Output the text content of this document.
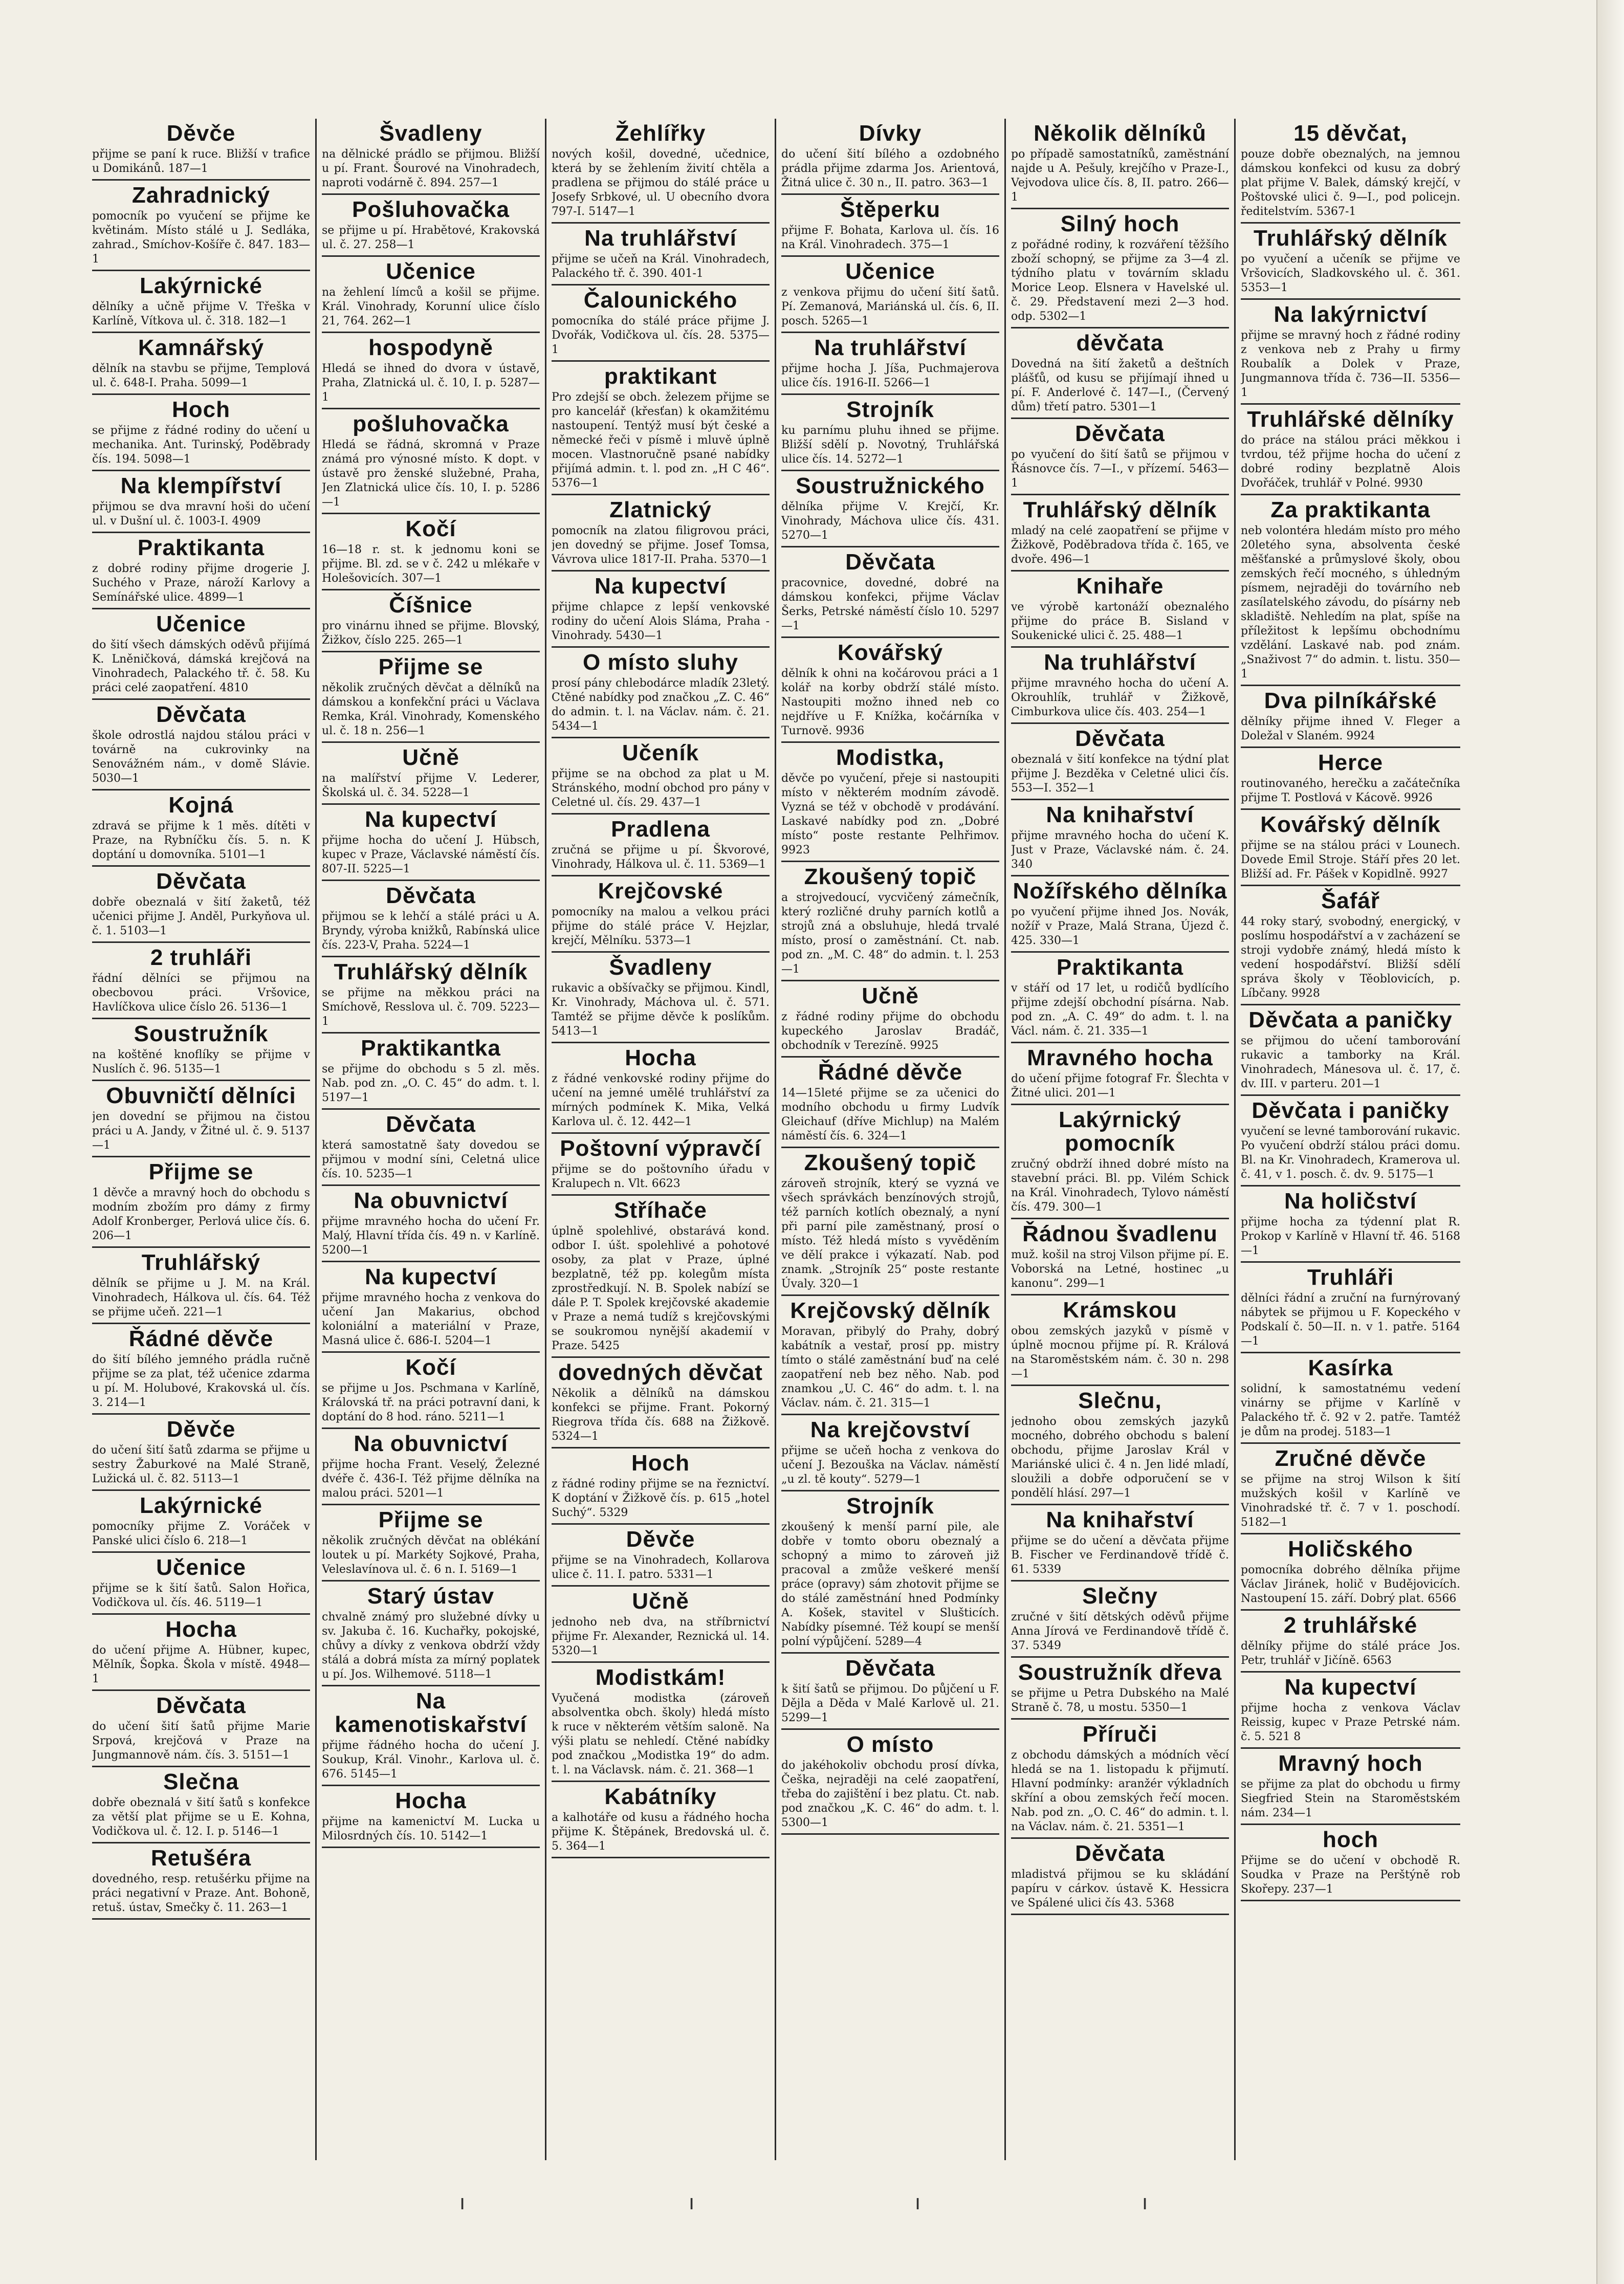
Děvče

přijme se paní k ruce. Bližší v trafice u Domikánů. 187—1

Zahradnický

pomocník po vyučení se přijme ke květinám. Místo stálé u J. Sedláka, zahrad., Smíchov-Košíře č. 847. 183—1

Lakýrnické

dělníky a učně přijme V. Třeška v Karlíně, Vítkova ul. č. 318. 182—1

Kamnářský

dělník na stavbu se přijme, Templová ul. č. 648-I. Praha. 5099—1

Hoch

se přijme z řádné rodiny do učení u mechanika. Ant. Turinský, Poděbrady čís. 194. 5098—1

Na klempířství

přijmou se dva mravní hoši do učení ul. v Dušní ul. č. 1003-I. 4909

Praktikanta

z dobré rodiny přijme drogerie J. Suchého v Praze, nároží Karlovy a Semínářské ulice. 4899—1

Učenice

do šití všech dámských oděvů přijímá K. Lněničková, dámská krejčová na Vinohradech, Palackého tř. č. 58. Ku práci celé zaopatření. 4810

Děvčata

škole odrostlá najdou stálou práci v továrně na cukrovinky na Senovážném nám., v domě Slávie. 5030—1

Kojná

zdravá se přijme k 1 měs. dítěti v Praze, na Rybníčku čís. 5. n. K doptání u domovníka. 5101—1

Děvčata

dobře obeznalá v šití žaketů, též učenici přijme J. Anděl, Purkyňova ul. č. 1. 5103—1

2 truhláři

řádní dělníci se přijmou na obecbovou práci. Vršovice, Havlíčkova ulice číslo 26. 5136—1

Soustružník

na koštěné knoflíky se přijme v Nuslích č. 96. 5135—1

Obuvničtí dělníci

jen dovední se přijmou na čistou práci u A. Jandy, v Žitné ul. č. 9. 5137—1

Přijme se

1 děvče a mravný hoch do obchodu s modním zbožím pro dámy z firmy Adolf Kronberger, Perlová ulice čís. 6. 206—1

Truhlářský

dělník se přijme u J. M. na Král. Vinohradech, Hálkova ul. čís. 64. Též se přijme učeň. 221—1

Řádné děvče

do šití bílého jemného prádla ručně přijme se za plat, též učenice zdarma u pí. M. Holubové, Krakovská ul. čís. 3. 214—1

Děvče

do učení šití šatů zdarma se přijme u sestry Žaburkové na Malé Straně, Lužická ul. č. 82. 5113—1

Lakýrnické

pomocníky přijme Z. Voráček v Panské ulici číslo 6. 218—1

Učenice

přijme se k šití šatů. Salon Hořica, Vodičkova ul. čís. 46. 5119—1

Hocha

do učení přijme A. Hübner, kupec, Mělník, Šopka. Škola v místě. 4948—1

Děvčata

do učení šití šatů přijme Marie Srpová, krejčová v Praze na Jungmannově nám. čís. 3. 5151—1

Slečna

dobře obeznalá v šití šatů s konfekce za větší plat přijme se u E. Kohna, Vodičkova ul. č. 12. I. p. 5146—1

Retušéra

dovedného, resp. retušérku přijme na práci negativní v Praze. Ant. Bohoně, retuš. ústav, Smečky č. 11. 263—1

Švadleny

na dělnické prádlo se přijmou. Bližší u pí. Frant. Šourové na Vinohradech, naproti vodárně č. 894. 257—1

Pošluhovačka

se přijme u pí. Hrabětové, Krakovská ul. č. 27. 258—1

Učenice

na žehlení límců a košil se přijme. Král. Vinohrady, Korunní ulice číslo 21, 764. 262—1

hospodyně

Hledá se ihned do dvora v ústavě, Praha, Zlatnická ul. č. 10, I. p. 5287—1

pošluhovačka

Hledá se řádná, skromná v Praze známá pro výnosné místo. K dopt. v ústavě pro ženské služebné, Praha, Jen Zlatnická ulice čís. 10, I. p. 5286—1

Kočí

16—18 r. st. k jednomu koni se přijme. Bl. zd. se v č. 242 u mlékaře v Holešovicích. 307—1

Číšnice

pro vinárnu ihned se přijme. Blovský, Žižkov, číslo 225. 265—1

Přijme se

několik zručných děvčat a dělníků na dámskou a konfekční práci u Václava Remka, Král. Vinohrady, Komenského ul. č. 18 n. 256—1

Učně

na malířství přijme V. Lederer, Školská ul. č. 34. 5228—1

Na kupectví

přijme hocha do učení J. Hübsch, kupec v Praze, Václavské náměstí čís. 807-II. 5225—1

Děvčata

přijmou se k lehčí a stálé práci u A. Bryndy, výroba knižků, Rabínská ulice čís. 223-V, Praha. 5224—1

Truhlářský dělník

se přijme na měkkou práci na Smíchově, Resslova ul. č. 709. 5223—1

Praktikantka

se přijme do obchodu s 5 zl. měs. Nab. pod zn. „O. C. 45“ do adm. t. l. 5197—1

Děvčata

která samostatně šaty dovedou se přijmou v modní síni, Celetná ulice čís. 10. 5235—1

Na obuvnictví

přijme mravného hocha do učení Fr. Malý, Hlavní třída čís. 49 n. v Karlíně. 5200—1

Na kupectví

přijme mravného hocha z venkova do učení Jan Makarius, obchod koloniální a materiální v Praze, Masná ulice č. 686-I. 5204—1

Kočí

se přijme u Jos. Pschmana v Karlíně, Královská tř. na práci potravní dani, k doptání do 8 hod. ráno. 5211—1

Na obuvnictví

přijme hocha Frant. Veselý, Železné dvéře č. 436-I. Též přijme dělníka na malou práci. 5201—1

Přijme se

několik zručných děvčat na oblékání loutek u pí. Markéty Sojkové, Praha, Veleslavínova ul. č. 6 n. I. 5169—1

Starý ústav

chvalně známý pro služebné dívky u sv. Jakuba č. 16. Kuchařky, pokojské, chůvy a dívky z venkova obdrží vždy stálá a dobrá místa za mírný poplatek u pí. Jos. Wilhemové. 5118—1

Na kamenotiskařství

přijme řádného hocha do učení J. Soukup, Král. Vinohr., Karlova ul. č. 676. 5145—1

Hocha

přijme na kamenictví M. Lucka u Milosrdných čís. 10. 5142—1

Žehlířky

nových košil, dovedné, učednice, která by se žehlením živití chtěla a pradlena se přijmou do stálé práce u Josefy Srbkové, ul. U obecního dvora 797-I. 5147—1

Na truhlářství

přijme se učeň na Král. Vinohradech, Palackého tř. č. 390. 401-1

Čalounického

pomocníka do stálé práce přijme J. Dvořák, Vodičkova ul. čís. 28. 5375—1

praktikant

Pro zdejší se obch. železem přijme se pro kancelář (křesťan) k okamžitému nastoupení. Tentýž musí být české a německé řeči v písmě i mluvě úplně mocen. Vlastnoručně psané nabídky přijímá admin. t. l. pod zn. „H C 46“. 5376—1

Zlatnický

pomocník na zlatou filigrovou práci, jen dovedný se přijme. Josef Tomsa, Vávrova ulice 1817-II. Praha. 5370—1

Na kupectví

přijme chlapce z lepší venkovské rodiny do učení Alois Sláma, Praha - Vinohrady. 5430—1

O místo sluhy

prosí pány chlebodárce mladík 23letý. Ctěné nabídky pod značkou „Z. C. 46“ do admin. t. l. na Václav. nám. č. 21. 5434—1

Učeník

přijme se na obchod za plat u M. Stránského, modní obchod pro pány v Celetné ul. čís. 29. 437—1

Pradlena

zručná se přijme u pí. Škvorové, Vinohrady, Hálkova ul. č. 11. 5369—1

Krejčovské

pomocníky na malou a velkou práci přijme do stálé práce V. Hejzlar, krejčí, Mělníku. 5373—1

Švadleny

rukavic a obšívačky se přijmou. Kindl, Kr. Vinohrady, Máchova ul. č. 571. Tamtéž se přijme děvče k poslíkům. 5413—1

Hocha

z řádné venkovské rodiny přijme do učení na jemné umělé truhlářství za mírných podmínek K. Mika, Velká Karlova ul. č. 12. 442—1

Poštovní výpravčí

přijme se do poštovního úřadu v Kralupech n. Vlt. 6623

Stříhače

úplně spolehlivé, obstarává kond. odbor I. úšt. spolehlivé a pohotové osoby, za plat v Praze, úplné bezplatně, též pp. kolegům místa zprostředkují. N. B. Spolek nabízí se dále P. T. Spolek krejčovské akademie v Praze a nemá tudíž s krejčovskými se soukromou nynější akademií v Praze. 5425

dovedných děvčat

Několik a dělníků na dámskou konfekci se přijme. Frant. Pokorný Riegrova třída čís. 688 na Žižkově. 5324—1

Hoch

z řádné rodiny přijme se na řeznictví. K doptání v Žižkově čís. p. 615 „hotel Suchý“. 5329

Děvče

přijme se na Vinohradech, Kollarova ulice č. 11. I. patro. 5331—1

Učně

jednoho neb dva, na stříbrnictví přijme Fr. Alexander, Reznická ul. 14. 5320—1

Modistkám!

Vyučená modistka (zároveň absolventka obch. školy) hledá místo k ruce v některém větším saloně. Na výši platu se nehledí. Ctěné nabídky pod značkou „Modistka 19“ do adm. t. l. na Václavsk. nám. č. 21. 368—1

Kabátníky

a kalhotáře od kusu a řádného hocha přijme K. Štěpánek, Bredovská ul. č. 5. 364—1

Dívky

do učení šití bílého a ozdobného prádla přijme zdarma Jos. Arientová, Žitná ulice č. 30 n., II. patro. 363—1

Štěperku

přijme F. Bohata, Karlova ul. čís. 16 na Král. Vinohradech. 375—1

Učenice

z venkova přijmu do učení šití šatů. Pí. Zemanová, Mariánská ul. čís. 6, II. posch. 5265—1

Na truhlářství

přijme hocha J. Jíša, Puchmajerova ulice čís. 1916-II. 5266—1

Strojník

ku parnímu pluhu ihned se přijme. Bližší sdělí p. Novotný, Truhlářská ulice čís. 14. 5272—1

Soustružnického

dělníka přijme V. Krejčí, Kr. Vinohrady, Máchova ulice čís. 431. 5270—1

Děvčata

pracovnice, dovedné, dobré na dámskou konfekci, přijme Václav Šerks, Petrské náměstí číslo 10. 5297—1

Kovářský

dělník k ohni na kočárovou práci a 1 kolář na korby obdrží stálé místo. Nastoupiti možno ihned neb co nejdříve u F. Knížka, kočárníka v Turnově. 9936

Modistka,

děvče po vyučení, přeje si nastoupiti místo v některém modním závodě. Vyzná se též v obchodě v prodávání. Laskavé nabídky pod zn. „Dobré místo“ poste restante Pelhřimov. 9923

Zkoušený topič

a strojvedoucí, vycvičený zámečník, který rozličné druhy parních kotlů a strojů zná a obsluhuje, hledá trvalé místo, prosí o zaměstnání. Ct. nab. pod zn. „M. C. 48“ do admin. t. l. 253—1

Učně

z řádné rodiny přijme do obchodu kupeckého Jaroslav Bradáč, obchodník v Terezíně. 9925

Řádné děvče

14—15leté přijme se za učenici do modního obchodu u firmy Ludvík Gleichauf (dříve Michlup) na Malém náměstí čís. 6. 324—1

Zkoušený topič

zároveň strojník, který se vyzná ve všech správkách benzínových strojů, též parních kotlích obeznalý, a nyní při parní pile zaměstnaný, prosí o místo. Též hledá místo s vyvěděním ve dělí prakce i výkazatí. Nab. pod znamk. „Strojník 25“ poste restante Úvaly. 320—1

Krejčovský dělník

Moravan, přibylý do Prahy, dobrý kabátník a vestař, prosí pp. mistry tímto o stálé zaměstnání buď na celé zaopatření neb bez něho. Nab. pod znamkou „U. C. 46“ do adm. t. l. na Václav. nám. č. 21. 315—1

Na krejčovství

přijme se učeň hocha z venkova do učení J. Bezouška na Václav. náměstí „u zl. tě kouty“. 5279—1

Strojník

zkoušený k menší parní pile, ale dobře v tomto oboru obeznalý a schopný a mimo to zároveň již pracoval a zmůže veškeré menší práce (opravy) sám zhotovit přijme se do stálé zaměstnání hned Podmínky A. Košek, stavitel v Slušticích. Nabídky písemné. Též koupí se menší polní výpůjčení. 5289—4

Děvčata

k šití šatů se přijmou. Do půjčení u F. Dějla a Děda v Malé Karlově ul. 21. 5299—1

O místo

do jakéhokoliv obchodu prosí dívka, Češka, nejraději na celé zaopatření, třeba do zajištění i bez platu. Ct. nab. pod značkou „K. C. 46“ do adm. t. l. 5300—1

Několik dělníků

po případě samostatníků, zaměstnání najde u A. Pešuly, krejčího v Praze-I., Vejvodova ulice čís. 8, II. patro. 266—1

Silný hoch

z pořádné rodiny, k rozváření těžšího zboží schopný, se přijme za 3—4 zl. týdního platu v továrním skladu Morice Leop. Elsnera v Havelské ul. č. 29. Představení mezi 2—3 hod. odp. 5302—1

děvčata

Dovedná na šití žaketů a deštních plášťů, od kusu se přijímají ihned u pí. F. Anderlové č. 147—I., (Červený dům) třetí patro. 5301—1

Děvčata

po vyučení do šití šatů se přijmou v Řásnovce čís. 7—I., v přízemí. 5463—1

Truhlářský dělník

mladý na celé zaopatření se přijme v Žižkově, Poděbradova třída č. 165, ve dvoře. 496—1

Knihaře

ve výrobě kartonáží obeznalého přijme do práce B. Sisland v Soukenické ulici č. 25. 488—1

Na truhlářství

přijme mravného hocha do učení A. Okrouhlík, truhlář v Žižkově, Cimburkova ulice čís. 403. 254—1

Děvčata

obeznalá v šití konfekce na týdní plat přijme J. Bezděka v Celetné ulici čís. 553—I. 352—1

Na knihařství

přijme mravného hocha do učení K. Just v Praze, Václavské nám. č. 24. 340

Nožířského dělníka

po vyučení přijme ihned Jos. Novák, nožíř v Praze, Malá Strana, Újezd č. 425. 330—1

Praktikanta

v stáří od 17 let, u rodičů bydlícího přijme zdejší obchodní písárna. Nab. pod zn. „A. C. 49“ do adm. t. l. na Václ. nám. č. 21. 335—1

Mravného hocha

do učení přijme fotograf Fr. Šlechta v Žitné ulici. 201—1

Lakýrnický pomocník

zručný obdrží ihned dobré místo na stavební práci. Bl. pp. Vilém Schick na Král. Vinohradech, Tylovo náměstí čís. 479. 300—1

Řádnou švadlenu

muž. košil na stroj Vilson přijme pí. E. Voborská na Letné, hostinec „u kanonu“. 299—1

Krámskou

obou zemských jazyků v písmě v úplně mocnou přijme pí. R. Králová na Staroměstském nám. č. 30 n. 298—1

Slečnu,

jednoho obou zemských jazyků mocného, dobrého obchodu s balení obchodu, přijme Jaroslav Král v Mariánské ulici č. 4 n. Jen lidé mladí, sloužili a dobře odporučení se v pondělí hlásí. 297—1

Na knihařství

přijme se do učení a děvčata přijme B. Fischer ve Ferdinandově třídě č. 61. 5339

Slečny

zručné v šití dětských oděvů přijme Anna Jírová ve Ferdinandově třídě č. 37. 5349

Soustružník dřeva

se přijme u Petra Dubského na Malé Straně č. 78, u mostu. 5350—1

Příruči

z obchodu dámských a módních věcí hledá se na 1. listopadu k přijmutí. Hlavní podmínky: aranžér výkladních skříní a obou zemských řečí mocen. Nab. pod zn. „O. C. 46“ do admin. t. l. na Václav. nám. č. 21. 5351—1

Děvčata

mladistvá přijmou se ku skládání papíru v cárkov. ústavě K. Hessicra ve Spálené ulici čís 43. 5368

15 děvčat,

pouze dobře obeznalých, na jemnou dámskou konfekci od kusu za dobrý plat přijme V. Balek, dámský krejčí, v Poštovské ulici č. 9—I., pod policejn. ředitelstvím. 5367-1

Truhlářský dělník

po vyučení a učeník se přijme ve Vršovicích, Sladkovského ul. č. 361. 5353—1

Na lakýrnictví

přijme se mravný hoch z řádné rodiny z venkova neb z Prahy u firmy Roubalík a Dolek v Praze, Jungmannova třída č. 736—II. 5356—1

Truhlářské dělníky

do práce na stálou práci měkkou i tvrdou, též přijme hocha do učení z dobré rodiny bezplatně Alois Dvořáček, truhlář v Polné. 9930

Za praktikanta

neb volontéra hledám místo pro mého 20letého syna, absolventa české měšťanské a průmyslové školy, obou zemských řečí mocného, s úhledným písmem, nejraději do továrního neb zasílatelského závodu, do písárny neb skladiště. Nehledím na plat, spíše na příležitost k lepšímu obchodnímu vzdělání. Laskavé nab. pod znám. „Snaživost 7“ do admin. t. listu. 350—1

Dva pilníkářské

dělníky přijme ihned V. Fleger a Doležal v Slaném. 9924

Herce

routinovaného, herečku a začátečníka přijme T. Postlová v Kácově. 9926

Kovářský dělník

přijme se na stálou práci v Lounech. Dovede Emil Stroje. Stáří přes 20 let. Bližší ad. Fr. Pášek v Kopidlně. 9927

Šafář

44 roky starý, svobodný, energický, v poslímu hospodářství a v zacházení se stroji vydobře známý, hledá místo k vedení hospodářství. Bližší sdělí správa školy v Těoblovicích, p. Líbčany. 9928

Děvčata a paničky

se přijmou do učení tamborování rukavic a tamborky na Král. Vinohradech, Mánesova ul. č. 17, č. dv. III. v parteru. 201—1

Děvčata i paničky

vyučení se levné tamborování rukavic. Po vyučení obdrží stálou práci domu. Bl. na Kr. Vinohradech, Kramerova ul. č. 41, v 1. posch. č. dv. 9. 5175—1

Na holičství

přijme hocha za týdenní plat R. Prokop v Karlíně v Hlavní tř. 46. 5168—1

Truhláři

dělníci řádní a zruční na furnýrovaný nábytek se přijmou u F. Kopeckého v Podskalí č. 50—II. n. v 1. patře. 5164—1

Kasírka

solidní, k samostatnému vedení vinárny se přijme v Karlíně v Palackého tř. č. 92 v 2. patře. Tamtéž je dům na prodej. 5183—1

Zručné děvče

se přijme na stroj Wilson k šití mužských košil v Karlíně ve Vinohradské tř. č. 7 v 1. poschodí. 5182—1

Holičského

pomocníka dobrého dělníka přijme Václav Jiránek, holič v Budějovicích. Nastoupení 15. září. Dobrý plat. 6566

2 truhlářské

dělníky přijme do stálé práce Jos. Petr, truhlář v Jičíně. 6563

Na kupectví

přijme hocha z venkova Václav Reissig, kupec v Praze Petrské nám. č. 5. 521 8

Mravný hoch

se přijme za plat do obchodu u firmy Siegfried Stein na Staroměstském nám. 234—1

hoch

Přijme se do učení v obchodě R. Soudka v Praze na Perštýně rob Skořepy. 237—1

ı	ı	ı	ı
